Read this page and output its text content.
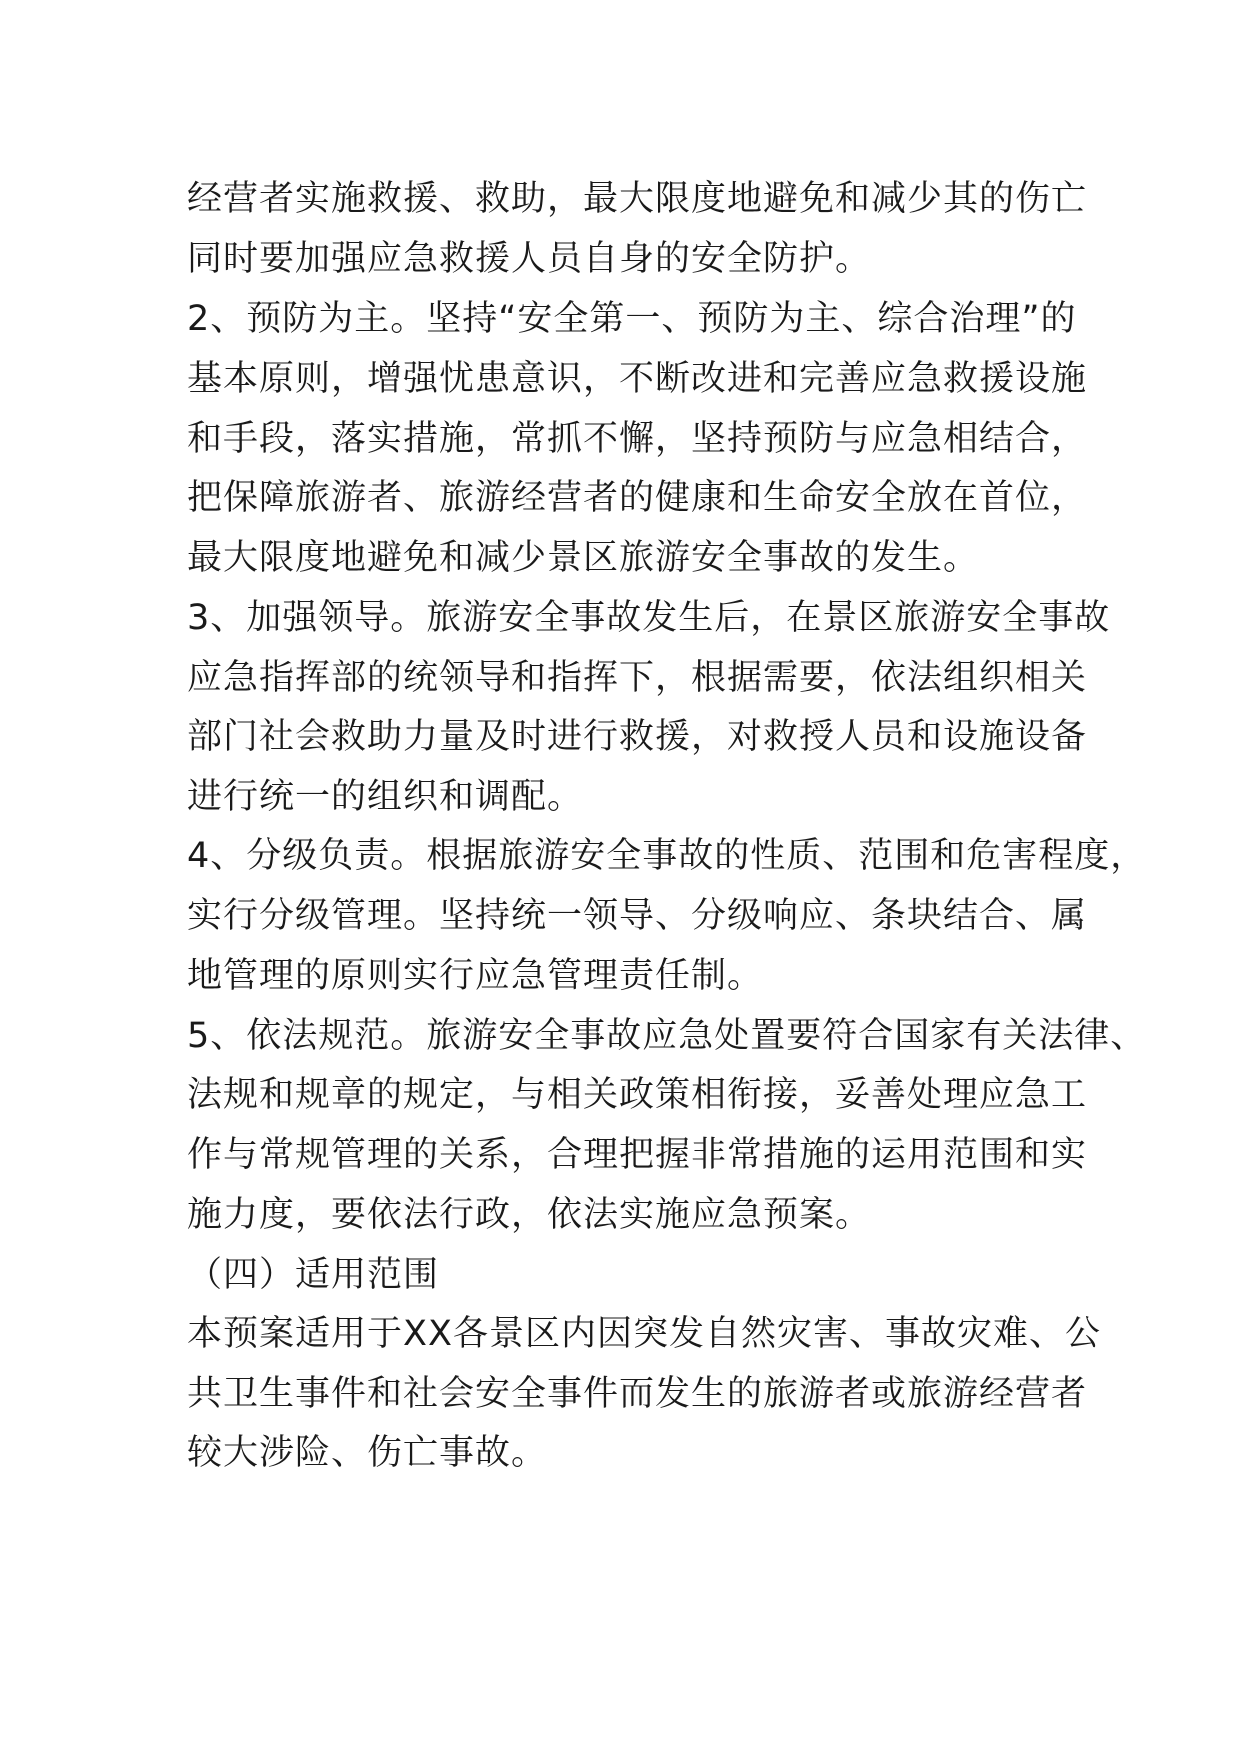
经营者实施救援、救助，最大限度地避免和减少其的伤亡
同时要加强应急救援人员自身的安全防护。
2、预防为主。坚持“安全第一、预防为主、综合治理”的
基本原则，增强忧患意识，不断改进和完善应急救援设施
和手段，落实措施，常抓不懈，坚持预防与应急相结合，
把保障旅游者、旅游经营者的健康和生命安全放在首位，
最大限度地避免和减少景区旅游安全事故的发生。
3、加强领导。旅游安全事故发生后，在景区旅游安全事故
应急指挥部的统领导和指挥下，根据需要，依法组织相关
部门社会救助力量及时进行救援，对救授人员和设施设备
进行统一的组织和调配。
4、分级负责。根据旅游安全事故的性质、范围和危害程度，
实行分级管理。坚持统一领导、分级响应、条块结合、属
地管理的原则实行应急管理责任制。
5、依法规范。旅游安全事故应急处置要符合国家有关法律、
法规和规章的规定，与相关政策相衔接，妥善处理应急工
作与常规管理的关系，合理把握非常措施的运用范围和实
施力度，要依法行政，依法实施应急预案。
（四）适用范围
本预案适用于XX各景区内因突发自然灾害、事故灾难、公
共卫生事件和社会安全事件而发生的旅游者或旅游经营者
较大涉险、伤亡事故。
